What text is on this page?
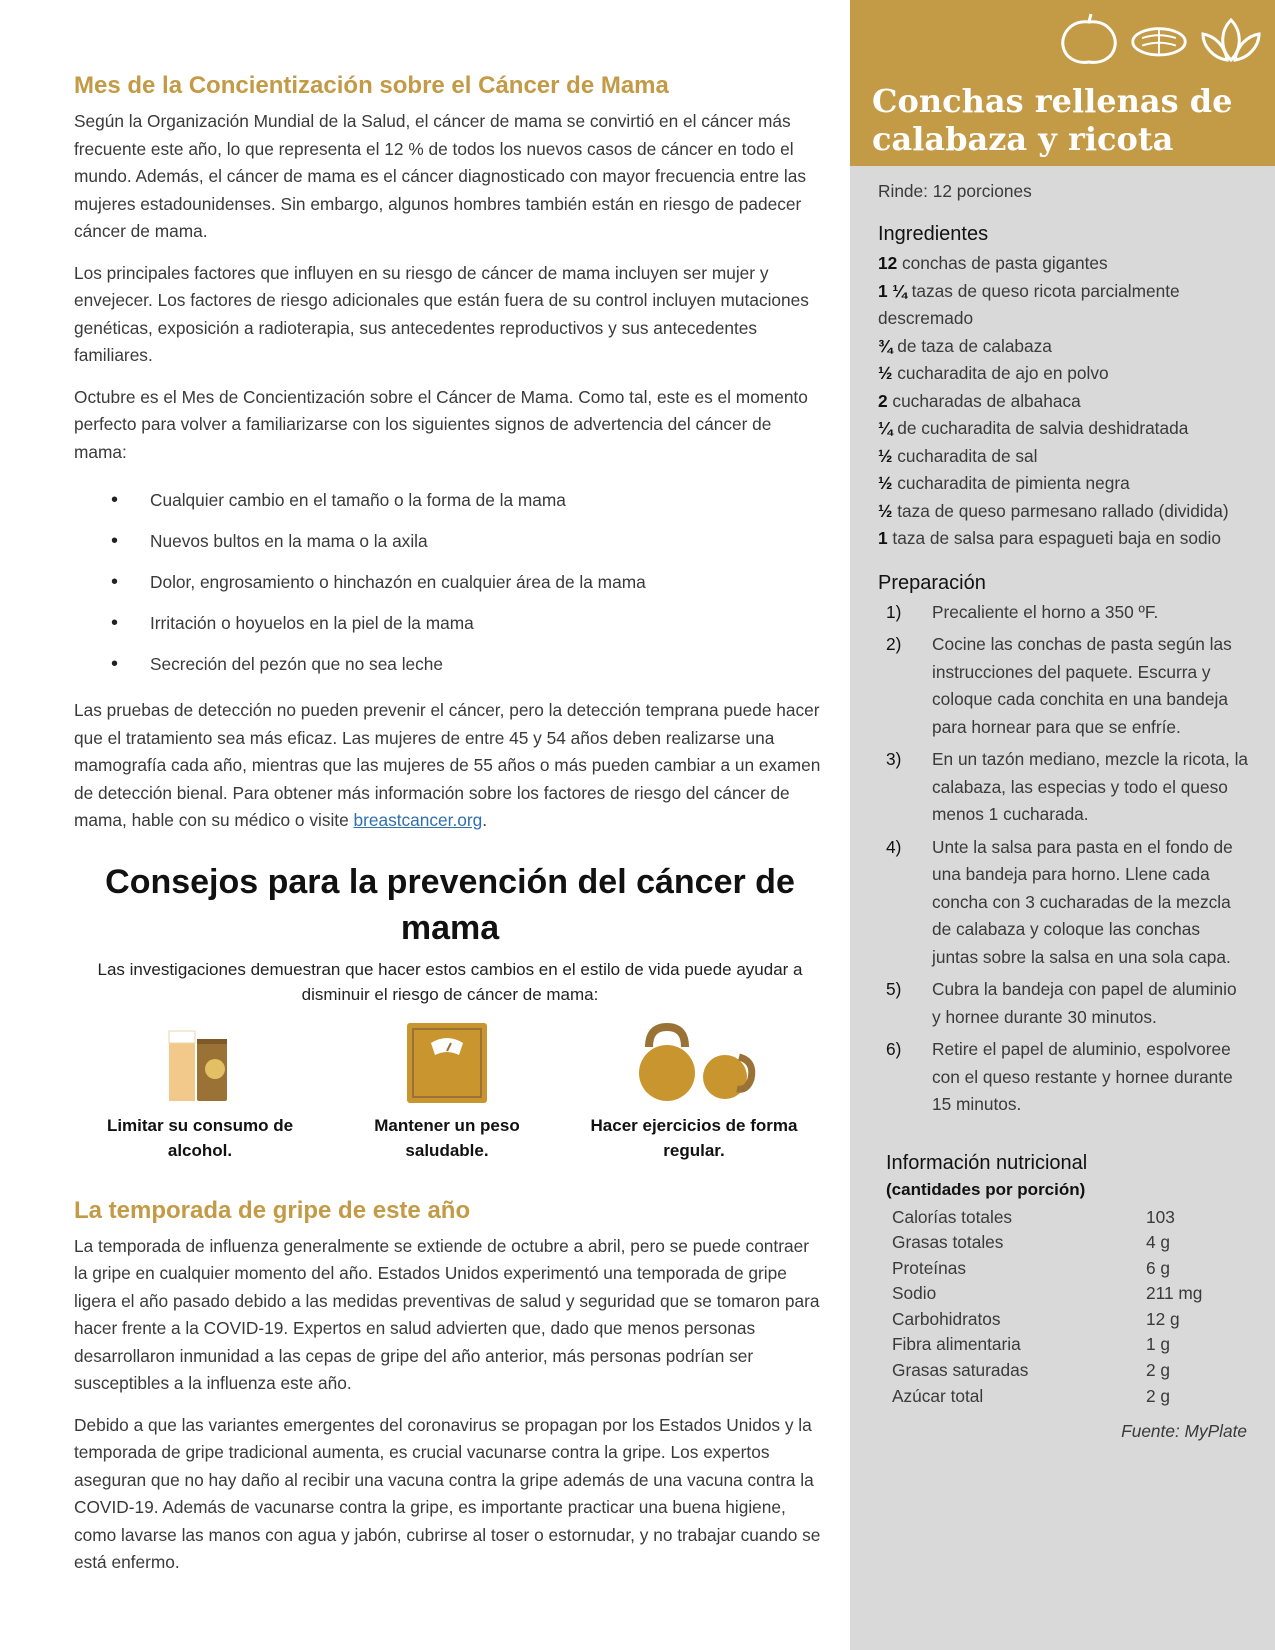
Mes de la Concientización sobre el Cáncer de Mama

Según la Organización Mundial de la Salud, el cáncer de mama se convirtió en el cáncer más frecuente este año, lo que representa el 12 % de todos los nuevos casos de cáncer en todo el mundo. Además, el cáncer de mama es el cáncer diagnosticado con mayor frecuencia entre las mujeres estadounidenses. Sin embargo, algunos hombres también están en riesgo de padecer cáncer de mama.

Los principales factores que influyen en su riesgo de cáncer de mama incluyen ser mujer y envejecer. Los factores de riesgo adicionales que están fuera de su control incluyen mutaciones genéticas, exposición a radioterapia, sus antecedentes reproductivos y sus antecedentes familiares.

Octubre es el Mes de Concientización sobre el Cáncer de Mama. Como tal, este es el momento perfecto para volver a familiarizarse con los siguientes signos de advertencia del cáncer de mama:

• Cualquier cambio en el tamaño o la forma de la mama
• Nuevos bultos en la mama o la axila
• Dolor, engrosamiento o hinchazón en cualquier área de la mama
• Irritación o hoyuelos en la piel de la mama
• Secreción del pezón que no sea leche

Las pruebas de detección no pueden prevenir el cáncer, pero la detección temprana puede hacer que el tratamiento sea más eficaz. Las mujeres de entre 45 y 54 años deben realizarse una mamografía cada año, mientras que las mujeres de 55 años o más pueden cambiar a un examen de detección bienal. Para obtener más información sobre los factores de riesgo del cáncer de mama, hable con su médico o visite breastcancer.org.

Consejos para la prevención del cáncer de mama
Las investigaciones demuestran que hacer estos cambios en el estilo de vida puede ayudar a disminuir el riesgo de cáncer de mama:
Limitar su consumo de alcohol.
Mantener un peso saludable.
Hacer ejercicios de forma regular.
La temporada de gripe de este año

La temporada de influenza generalmente se extiende de octubre a abril, pero se puede contraer la gripe en cualquier momento del año. Estados Unidos experimentó una temporada de gripe ligera el año pasado debido a las medidas preventivas de salud y seguridad que se tomaron para hacer frente a la COVID-19. Expertos en salud advierten que, dado que menos personas desarrollaron inmunidad a las cepas de gripe del año anterior, más personas podrían ser susceptibles a la influenza este año.

Debido a que las variantes emergentes del coronavirus se propagan por los Estados Unidos y la temporada de gripe tradicional aumenta, es crucial vacunarse contra la gripe. Los expertos aseguran que no hay daño al recibir una vacuna contra la gripe además de una vacuna contra la COVID-19. Además de vacunarse contra la gripe, es importante practicar una buena higiene, como lavarse las manos con agua y jabón, cubrirse al toser o estornudar, y no trabajar cuando se está enfermo.

Conchas rellenas de
calabaza y ricota
Rinde: 12 porciones
Ingredientes
12 conchas de pasta gigantes
1 ¼ tazas de queso ricota parcialmente descremado
¾ de taza de calabaza
½ cucharadita de ajo en polvo
2 cucharadas de albahaca
¼ de cucharadita de salvia deshidratada
½ cucharadita de sal
½ cucharadita de pimienta negra
½ taza de queso parmesano rallado (dividida)
1 taza de salsa para espagueti baja en sodio
Preparación
1)	Precaliente el horno a 350 ºF.
2)	Cocine las conchas de pasta según las instrucciones del paquete. Escurra y coloque cada conchita en una bandeja para hornear para que se enfríe.
3)	En un tazón mediano, mezcle la ricota, la calabaza, las especias y todo el queso menos 1 cucharada.
4)	Unte la salsa para pasta en el fondo de una bandeja para horno. Llene cada concha con 3 cucharadas de la mezcla de calabaza y coloque las conchas juntas sobre la salsa en una sola capa.
5)	Cubra la bandeja con papel de aluminio y hornee durante 30 minutos.
6)	Retire el papel de aluminio, espolvoree con el queso restante y hornee durante 15 minutos.
Información nutricional
(cantidades por porción)
Calorías totales	103
Grasas totales	4 g
Proteínas	6 g
Sodio	211 mg
Carbohidratos	12 g
Fibra alimentaria	1 g
Grasas saturadas	2 g
Azúcar total	2 g
Fuente: MyPlate
